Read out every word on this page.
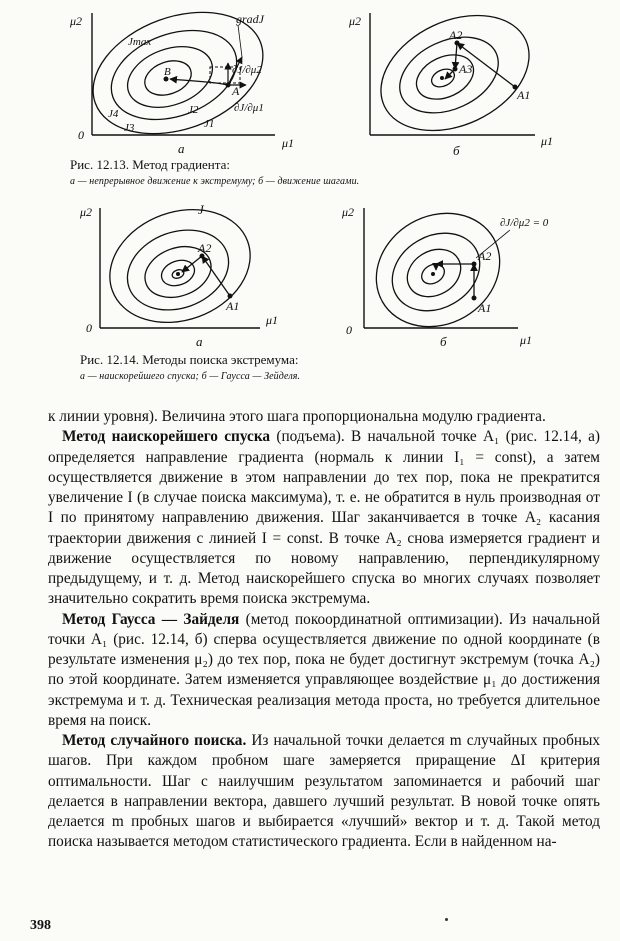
μ2
μ1
0
gradJ
∂J/∂μ2
∂J/∂μ1
Jmax
B
A
J1
J2
J3
J4
a
μ2
μ1
A1
A2
A3
б
Рис. 12.13. Метод градиента:
а — непрерывное движение к экстремуму; б — движение шагами.
μ2
μ1
0
J
A1
A2
a
μ2
μ1
0
∂J/∂μ2 = 0
A1
A2
б
Рис. 12.14. Методы поиска экстремума:
а — наискорейшего спуска; б — Гаусса — Зейделя.

к линии уровня). Величина этого шага пропорциональна модулю градиента.

Метод наискорейшего спуска (подъема). В начальной точке A₁ (рис. 12.14, а) определяется направление градиента (нормаль к линии I₁ = const), а затем осуществляется движение в этом направлении до тех пор, пока не прекратится увеличение I (в случае поиска максимума), т. е. не обратится в нуль производная от I по принятому направлению движения. Шаг заканчивается в точке A₂ касания траектории движения с линией I = const. В точке A₂ снова измеряется градиент и движение осуществляется по новому направлению, перпендикулярному предыдущему, и т. д. Метод наискорейшего спуска во многих случаях позволяет значительно сократить время поиска экстремума.

Метод Гаусса — Зайделя (метод покоординатной оптимизации). Из начальной точки A₁ (рис. 12.14, б) сперва осуществляется движение по одной координате (в результате изменения μ₂) до тех пор, пока не будет достигнут экстремум (точка A₂) по этой координате. Затем изменяется управляющее воздействие μ₁ до достижения экстремума и т. д. Техническая реализация метода проста, но требуется длительное время на поиск.

Метод случайного поиска. Из начальной точки делается m случайных пробных шагов. При каждом пробном шаге замеряется приращение ΔI критерия оптимальности. Шаг с наилучшим результатом запоминается и рабочий шаг делается в направлении вектора, давшего лучший результат. В новой точке опять делается m пробных шагов и выбирается «лучший» вектор и т. д. Такой метод поиска называется методом статистического градиента. Если в найденном на-

398
